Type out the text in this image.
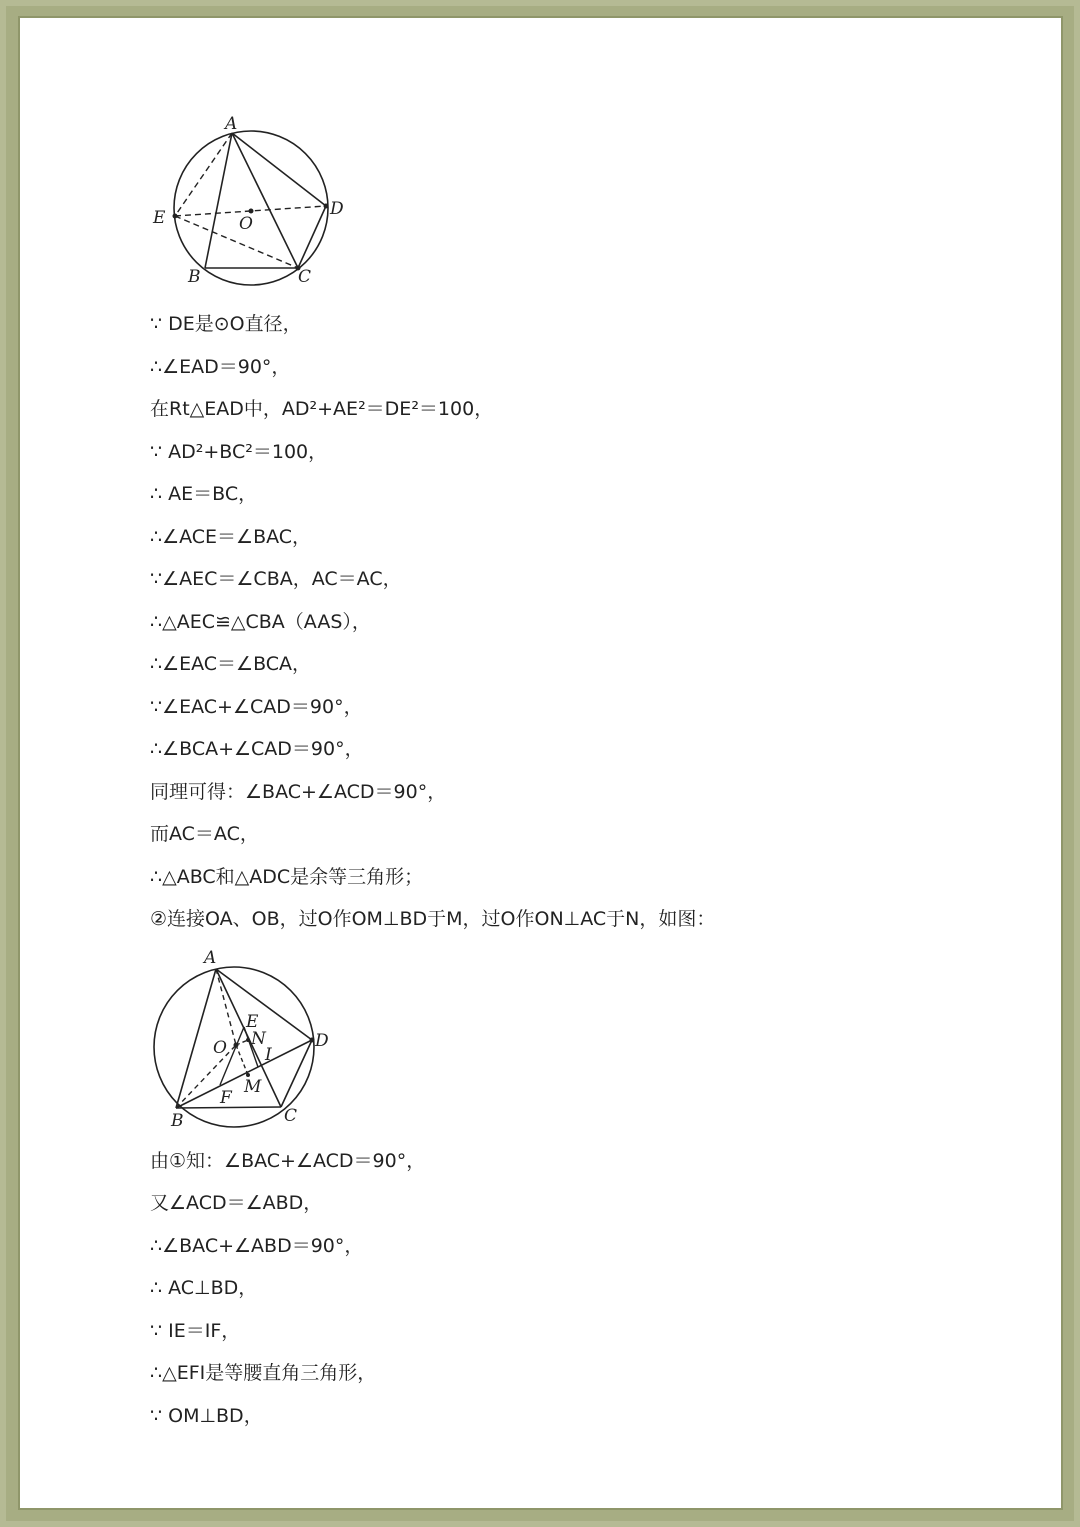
A
B	C
D
E	O
∵ DE是⊙O直径，
∴∠EAD＝90°，
在Rt△EAD中，AD²+AE²＝DE²＝100，
∵ AD²+BC²＝100，
∴ AE＝BC，
∴∠ACE＝∠BAC，
∵∠AEC＝∠CBA，AC＝AC，
∴△AEC≌△CBA（AAS），
∴∠EAC＝∠BCA，
∵∠EAC+∠CAD＝90°，
∴∠BCA+∠CAD＝90°，
同理可得：∠BAC+∠ACD＝90°，
而AC＝AC，
∴△ABC和△ADC是余等三角形；
②连接OA、OB，过O作OM⊥BD于M，过O作ON⊥AC于N，如图：
A
B	C
D
E
N
O I
M
F
由①知：∠BAC+∠ACD＝90°，
又∠ACD＝∠ABD，
∴∠BAC+∠ABD＝90°，
∴ AC⊥BD，
∵ IE＝IF，
∴△EFI是等腰直角三角形，
∵ OM⊥BD，
